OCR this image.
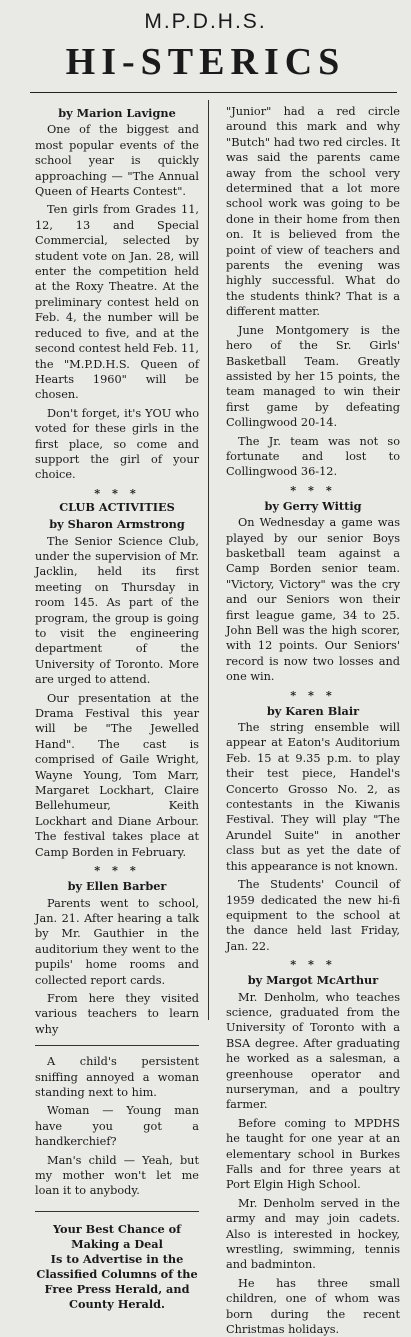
M.P.D.H.S.
HI-STERICS
by Marion Lavigne

One of the biggest and most popular events of the school year is quickly approaching — "The Annual Queen of Hearts Contest".

Ten girls from Grades 11, 12, 13 and Special Commercial, selected by student vote on Jan. 28, will enter the competition held at the Roxy Theatre. At the preliminary contest held on Feb. 4, the number will be reduced to five, and at the second contest held Feb. 11, the "M.P.D.H.S. Queen of Hearts 1960" will be chosen.

Don't forget, it's YOU who voted for these girls in the first place, so come and support the girl of your choice.

* * *
CLUB ACTIVITIES
by Sharon Armstrong

The Senior Science Club, under the supervision of Mr. Jacklin, held its first meeting on Thursday in room 145. As part of the program, the group is going to visit the engineering department of the University of Toronto. More are urged to attend.

Our presentation at the Drama Festival this year will be "The Jewelled Hand". The cast is comprised of Gaile Wright, Wayne Young, Tom Marr, Margaret Lockhart, Claire Bellehumeur, Keith Lockhart and Diane Arbour. The festival takes place at Camp Borden in February.

* * *
by Ellen Barber

Parents went to school, Jan. 21. After hearing a talk by Mr. Gauthier in the auditorium they went to the pupils' home rooms and collected report cards.

From here they visited various teachers to learn why

A child's persistent sniffing annoyed a woman standing next to him.

Woman — Young man have you got a handkerchief?

Man's child — Yeah, but my mother won't let me loan it to anybody.

Your Best Chance of
Making a Deal
Is to Advertise in the
Classified Columns of the
Free Press Herald, and
County Herald.

"Junior" had a red circle around this mark and why "Butch" had two red circles. It was said the parents came away from the school very determined that a lot more school work was going to be done in their home from then on. It is believed from the point of view of teachers and parents the evening was highly successful. What do the students think? That is a different matter.

June Montgomery is the hero of the Sr. Girls' Basketball Team. Greatly assisted by her 15 points, the team managed to win their first game by defeating Collingwood 20-14.

The Jr. team was not so fortunate and lost to Collingwood 36-12.

* * *
by Gerry Wittig

On Wednesday a game was played by our senior Boys basketball team against a Camp Borden senior team. "Victory, Victory" was the cry and our Seniors won their first league game, 34 to 25. John Bell was the high scorer, with 12 points. Our Seniors' record is now two losses and one win.

* * *
by Karen Blair

The string ensemble will appear at Eaton's Auditorium Feb. 15 at 9.35 p.m. to play their test piece, Handel's Concerto Grosso No. 2, as contestants in the Kiwanis Festival. They will play "The Arundel Suite" in another class but as yet the date of this appearance is not known.

The Students' Council of 1959 dedicated the new hi-fi equipment to the school at the dance held last Friday, Jan. 22.

* * *
by Margot McArthur

Mr. Denholm, who teaches science, graduated from the University of Toronto with a BSA degree. After graduating he worked as a salesman, a greenhouse operator and nurseryman, and a poultry farmer.

Before coming to MPDHS he taught for one year at an elementary school in Burkes Falls and for three years at Port Elgin High School.

Mr. Denholm served in the army and may join cadets. Also is interested in hockey, wrestling, swimming, tennis and badminton.

He has three small children, one of whom was born during the recent Christmas holidays.
